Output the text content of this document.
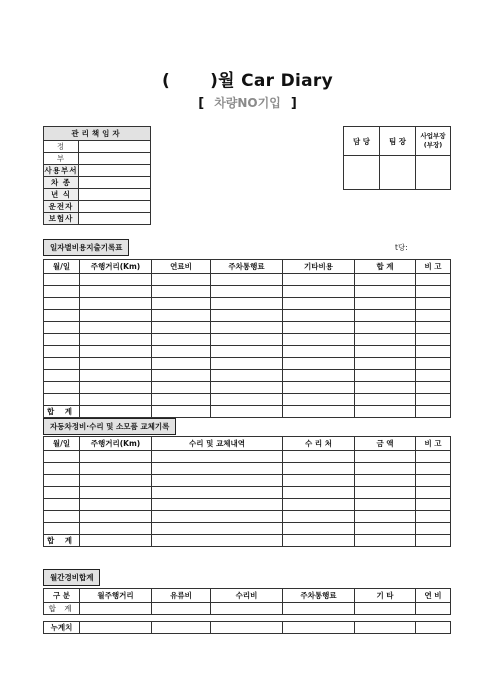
( )월 Car Diary
[ 차량NO기입 ]
관리책임자	
정	
부	
사용부서	
차 종	
년 식	
운전자	
보험사	
담 당	팀 장	사업부장
(부장)

일자별비용지출기록표	t당:
월/일	주행거리(Km)	연료비	주차통행료	기타비용	합 계	비 고

합 계						
자동차정비·수리 및 소모품 교체기록
월/일	주행거리(Km)	수리 및 교체내역	수 리 처	금 액	비 고

합 계					
월간경비합계
구 분	월주행거리	유류비	수리비	주차통행료	기 타	연 비
합 계						
누계치						
